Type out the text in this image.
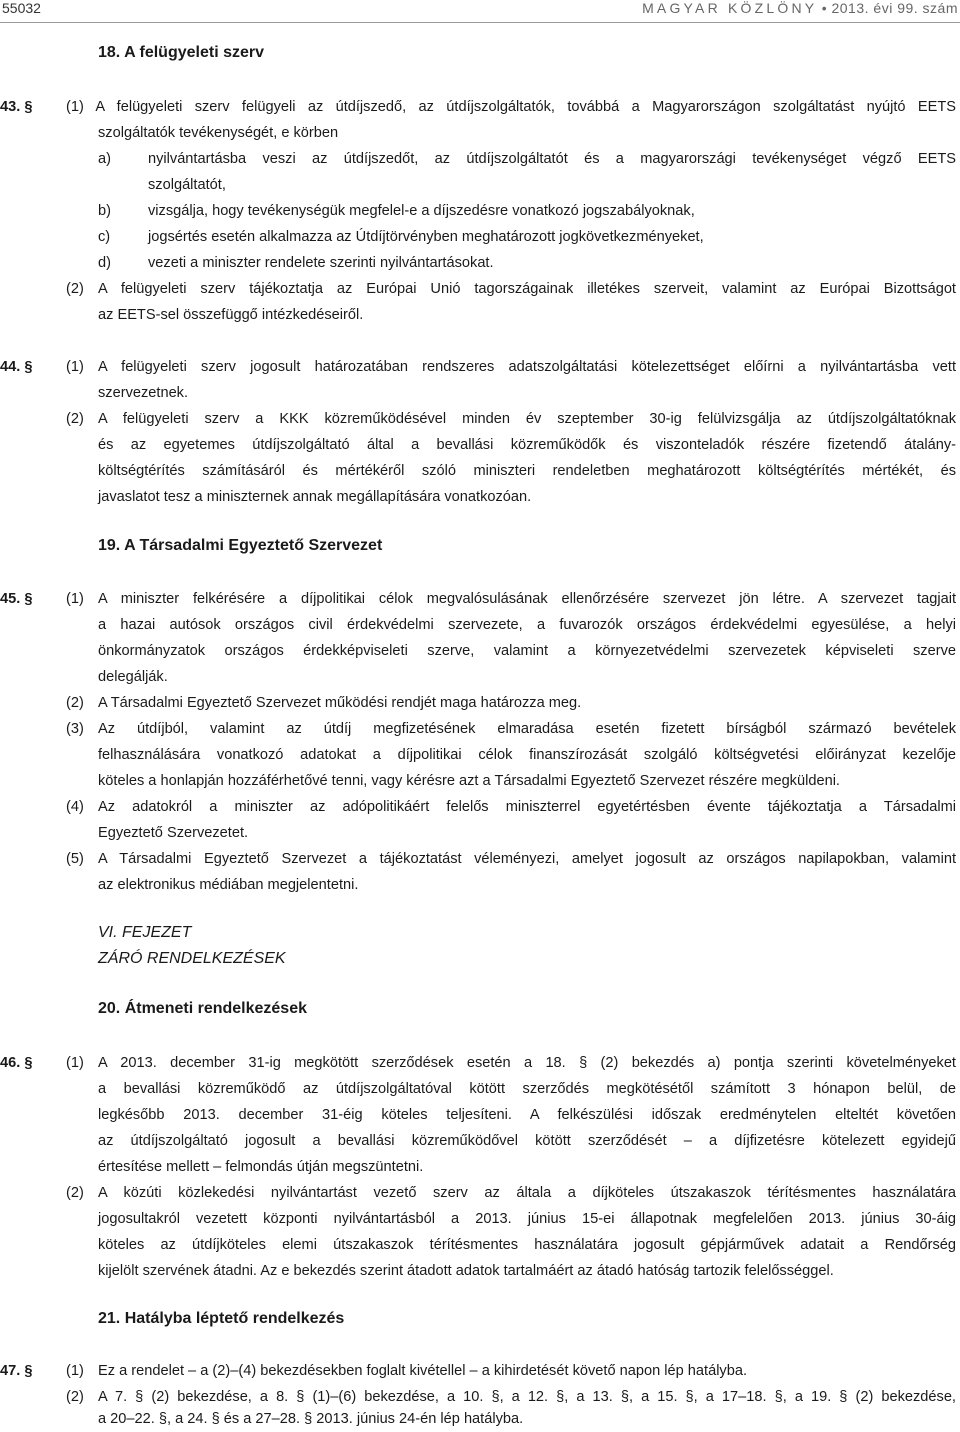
55032	MAGYAR KÖZLÖNY • 2013. évi 99. szám
18. A felügyeleti szerv
43. § (1) A felügyeleti szerv felügyeli az útdíjszedő, az útdíjszolgáltatók, továbbá a Magyarországon szolgáltatást nyújtó EETS
szolgáltatók tevékenységét, e körben
a)	nyilvántartásba veszi az útdíjszedőt, az útdíjszolgáltatót és a magyarországi tevékenységet végző EETS
szolgáltatót,
b)	vizsgálja, hogy tevékenységük megfelel-e a díjszedésre vonatkozó jogszabályoknak,
c)	jogsértés esetén alkalmazza az Útdíjtörvényben meghatározott jogkövetkezményeket,
d)	vezeti a miniszter rendelete szerinti nyilvántartásokat.
(2) A felügyeleti szerv tájékoztatja az Európai Unió tagországainak illetékes szerveit, valamint az Európai Bizottságot
az EETS-sel összefüggő intézkedéseiről.
44. § (1) A felügyeleti szerv jogosult határozatában rendszeres adatszolgáltatási kötelezettséget előírni a nyilvántartásba vett
szervezetnek.
(2) A felügyeleti szerv a KKK közreműködésével minden év szeptember 30-ig felülvizsgálja az útdíjszolgáltatóknak
és az egyetemes útdíjszolgáltató által a bevallási közreműködők és viszonteladók részére fizetendő átalány-
költségtérítés számításáról és mértékéről szóló miniszteri rendeletben meghatározott költségtérítés mértékét, és
javaslatot tesz a miniszternek annak megállapítására vonatkozóan.
19. A Társadalmi Egyeztető Szervezet
45. § (1) A miniszter felkérésére a díjpolitikai célok megvalósulásának ellenőrzésére szervezet jön létre. A szervezet tagjait
a hazai autósok országos civil érdekvédelmi szervezete, a fuvarozók országos érdekvédelmi egyesülése, a helyi
önkormányzatok országos érdekképviseleti szerve, valamint a környezetvédelmi szervezetek képviseleti szerve
delegálják.
(2) A Társadalmi Egyeztető Szervezet működési rendjét maga határozza meg.
(3) Az útdíjból, valamint az útdíj megfizetésének elmaradása esetén fizetett bírságból származó bevételek
felhasználására vonatkozó adatokat a díjpolitikai célok finanszírozását szolgáló költségvetési előirányzat kezelője
köteles a honlapján hozzáférhetővé tenni, vagy kérésre azt a Társadalmi Egyeztető Szervezet részére megküldeni.
(4) Az adatokról a miniszter az adópolitikáért felelős miniszterrel egyetértésben évente tájékoztatja a Társadalmi
Egyeztető Szervezetet.
(5) A Társadalmi Egyeztető Szervezet a tájékoztatást véleményezi, amelyet jogosult az országos napilapokban, valamint
az elektronikus médiában megjelentetni.
VI. FEJEZET
ZÁRÓ RENDELKEZÉSEK
20. Átmeneti rendelkezések
46. § (1) A 2013. december 31-ig megkötött szerződések esetén a 18. § (2) bekezdés a) pontja szerinti követelményeket
a bevallási közreműködő az útdíjszolgáltatóval kötött szerződés megkötésétől számított 3 hónapon belül, de
legkésőbb 2013. december 31-éig köteles teljesíteni. A felkészülési időszak eredménytelen elteltét követően
az útdíjszolgáltató jogosult a bevallási közreműködővel kötött szerződését – a díjfizetésre kötelezett egyidejű
értesítése mellett – felmondás útján megszüntetni.
(2) A közúti közlekedési nyilvántartást vezető szerv az általa a díjköteles útszakaszok térítésmentes használatára
jogosultakról vezetett központi nyilvántartásból a 2013. június 15-ei állapotnak megfelelően 2013. június 30-áig
köteles az útdíjköteles elemi útszakaszok térítésmentes használatára jogosult gépjárművek adatait a Rendőrség
kijelölt szervének átadni. Az e bekezdés szerint átadott adatok tartalmáért az átadó hatóság tartozik felelősséggel.
21. Hatályba léptető rendelkezés
47. § (1) Ez a rendelet – a (2)–(4) bekezdésekben foglalt kivétellel – a kihirdetését követő napon lép hatályba.
(2) A 7. § (2) bekezdése, a 8. § (1)–(6) bekezdése, a 10. §, a 12. §, a 13. §, a 15. §, a 17–18. §, a 19. § (2) bekezdése,
a 20–22. §, a 24. § és a 27–28. § 2013. június 24-én lép hatályba.
